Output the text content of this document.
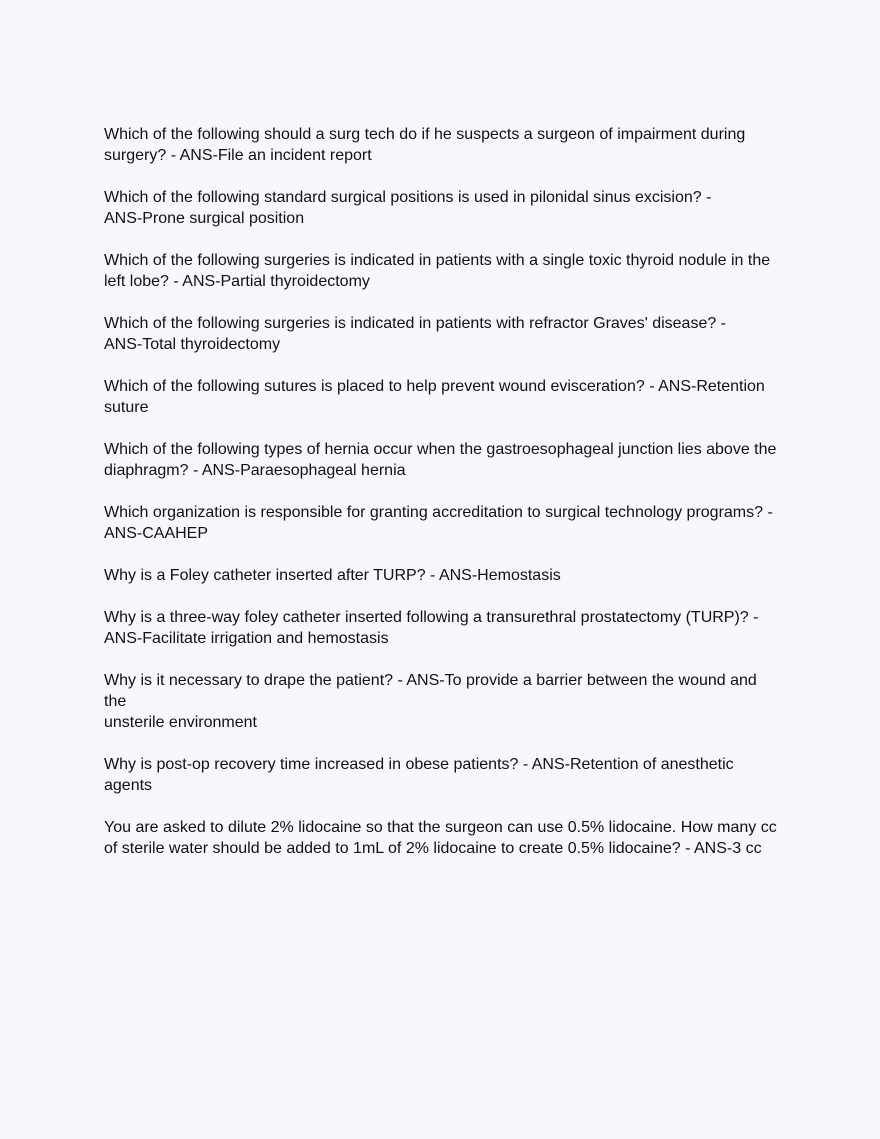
Which of the following should a surg tech do if he suspects a surgeon of impairment during
surgery? - ANS-File an incident report

Which of the following standard surgical positions is used in pilonidal sinus excision? -
ANS-Prone surgical position

Which of the following surgeries is indicated in patients with a single toxic thyroid nodule in the
left lobe? - ANS-Partial thyroidectomy

Which of the following surgeries is indicated in patients with refractor Graves' disease? -
ANS-Total thyroidectomy

Which of the following sutures is placed to help prevent wound evisceration? - ANS-Retention
suture

Which of the following types of hernia occur when the gastroesophageal junction lies above the
diaphragm? - ANS-Paraesophageal hernia

Which organization is responsible for granting accreditation to surgical technology programs? -
ANS-CAAHEP

Why is a Foley catheter inserted after TURP? - ANS-Hemostasis

Why is a three-way foley catheter inserted following a transurethral prostatectomy (TURP)? -
ANS-Facilitate irrigation and hemostasis

Why is it necessary to drape the patient? - ANS-To provide a barrier between the wound and the
unsterile environment

Why is post-op recovery time increased in obese patients? - ANS-Retention of anesthetic
agents

You are asked to dilute 2% lidocaine so that the surgeon can use 0.5% lidocaine. How many cc
of sterile water should be added to 1mL of 2% lidocaine to create 0.5% lidocaine? - ANS-3 cc
